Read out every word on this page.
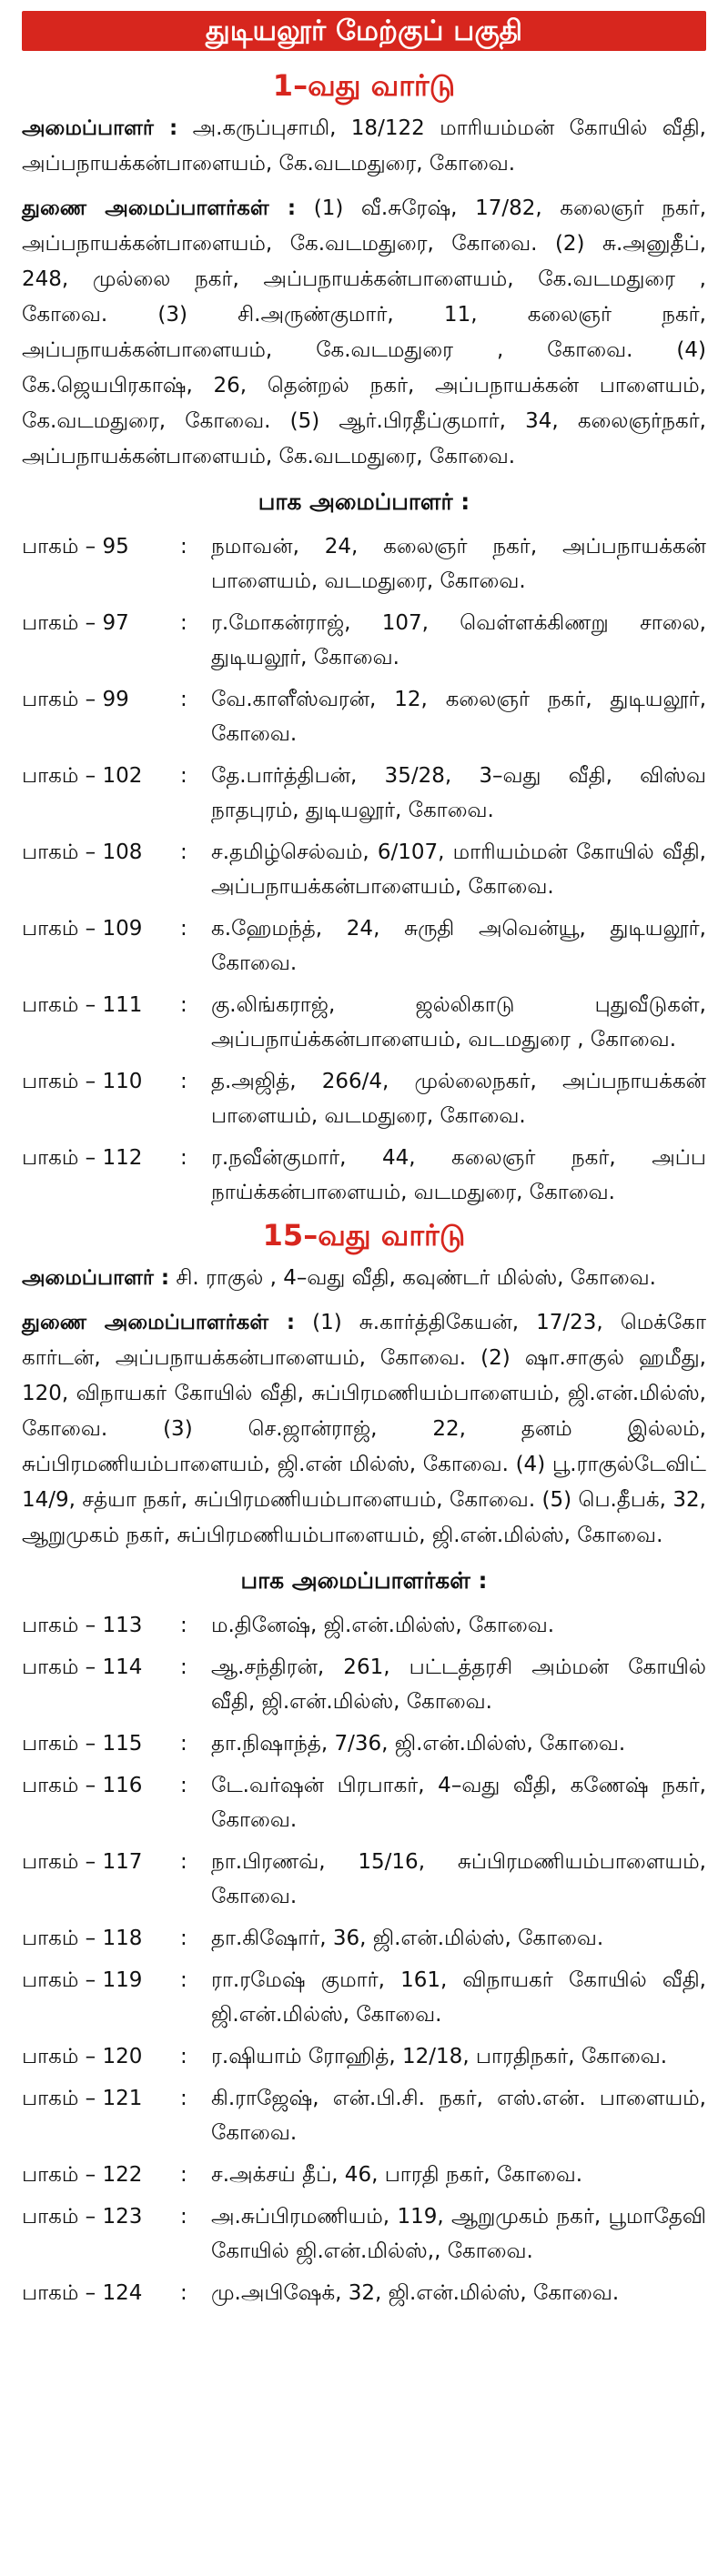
துடியலூர் மேற்குப் பகுதி
1–வது வார்டு

அமைப்பாளர் : அ.கருப்புசாமி, 18/122 மாரியம்மன் கோயில் வீதி, அப்பநாயக்கன்பாளையம், கே.வடமதுரை, கோவை.

துணை அமைப்பாளர்கள் : (1) வீ.சுரேஷ், 17/82, கலைஞர் நகர், அப்பநாயக்கன்பாளையம், கே.வடமதுரை, கோவை. (2) சு.அனுதீப், 248, முல்லை நகர், அப்பநாயக்கன்பாளையம், கே.வடமதுரை , கோவை. (3) சி.அருண்குமார், 11, கலைஞர் நகர், அப்பநாயக்கன்பாளையம், கே.வடமதுரை , கோவை. (4) கே.ஜெயபிரகாஷ், 26, தென்றல் நகர், அப்பநாயக்கன் பாளையம், கே.வடமதுரை, கோவை. (5) ஆர்.பிரதீப்குமார், 34, கலைஞர்நகர், அப்பநாயக்கன்பாளையம், கே.வடமதுரை, கோவை.

பாக அமைப்பாளர் :
பாகம் – 95	:	நமாவன், 24, கலைஞர் நகர், அப்பநாயக்கன் பாளையம், வடமதுரை, கோவை.
பாகம் – 97	:	ர.மோகன்ராஜ், 107, வெள்ளக்கிணறு சாலை, துடியலூர், கோவை.
பாகம் – 99	:	வே.காளீஸ்வரன், 12, கலைஞர் நகர், துடியலூர், கோவை.
பாகம் – 102	:	தே.பார்த்திபன், 35/28, 3–வது வீதி, விஸ்வ நாதபுரம், துடியலூர், கோவை.
பாகம் – 108	:	ச.தமிழ்செல்வம், 6/107, மாரியம்மன் கோயில் வீதி, அப்பநாயக்கன்பாளையம், கோவை.
பாகம் – 109	:	க.ஹேமந்த், 24, சுருதி அவென்யூ, துடியலூர், கோவை.
பாகம் – 111	:	கு.லிங்கராஜ், ஜல்லிகாடு புதுவீடுகள், அப்பநாய்க்கன்பாளையம், வடமதுரை , கோவை.
பாகம் – 110	:	த.அஜித், 266/4, முல்லைநகர், அப்பநாயக்கன் பாளையம், வடமதுரை, கோவை.
பாகம் – 112	:	ர.நவீன்குமார், 44, கலைஞர் நகர், அப்ப நாய்க்கன்பாளையம், வடமதுரை, கோவை.
15–வது வார்டு

அமைப்பாளர் : சி. ராகுல் , 4–வது வீதி, கவுண்டர் மில்ஸ், கோவை.

துணை அமைப்பாளர்கள் : (1) சு.கார்த்திகேயன், 17/23, மெக்கோ கார்டன், அப்பநாயக்கன்பாளையம், கோவை. (2) ஷா.சாகுல் ஹமீது, 120, விநாயகர் கோயில் வீதி, சுப்பிரமணியம்பாளையம், ஜி.என்.மில்ஸ், கோவை. (3) செ.ஜான்ராஜ், 22, தனம் இல்லம், சுப்பிரமணியம்பாளையம், ஜி.என் மில்ஸ், கோவை. (4) பூ.ராகுல்டேவிட் 14/9, சத்யா நகர், சுப்பிரமணியம்பாளையம், கோவை. (5) பெ.தீபக், 32, ஆறுமுகம் நகர், சுப்பிரமணியம்பாளையம், ஜி.என்.மில்ஸ், கோவை.

பாக அமைப்பாளர்கள் :
பாகம் – 113	:	ம.தினேஷ், ஜி.என்.மில்ஸ், கோவை.
பாகம் – 114	:	ஆ.சந்திரன், 261, பட்டத்தரசி அம்மன் கோயில் வீதி, ஜி.என்.மில்ஸ், கோவை.
பாகம் – 115	:	தா.நிஷாந்த், 7/36, ஜி.என்.மில்ஸ், கோவை.
பாகம் – 116	:	டே.வர்ஷன் பிரபாகர், 4–வது வீதி, கணேஷ் நகர், கோவை.
பாகம் – 117	:	நா.பிரணவ், 15/16, சுப்பிரமணியம்பாளையம், கோவை.
பாகம் – 118	:	தா.கிஷோர், 36, ஜி.என்.மில்ஸ், கோவை.
பாகம் – 119	:	ரா.ரமேஷ் குமார், 161, விநாயகர் கோயில் வீதி, ஜி.என்.மில்ஸ், கோவை.
பாகம் – 120	:	ர.ஷியாம் ரோஹித், 12/18, பாரதிநகர், கோவை.
பாகம் – 121	:	கி.ராஜேஷ், என்.பி.சி. நகர், எஸ்.என். பாளையம், கோவை.
பாகம் – 122	:	ச.அக்சய் தீப், 46, பாரதி நகர், கோவை.
பாகம் – 123	:	அ.சுப்பிரமணியம், 119, ஆறுமுகம் நகர், பூமாதேவி கோயில் ஜி.என்.மில்ஸ்,, கோவை.
பாகம் – 124	:	மு.அபிஷேக், 32, ஜி.என்.மில்ஸ், கோவை.
